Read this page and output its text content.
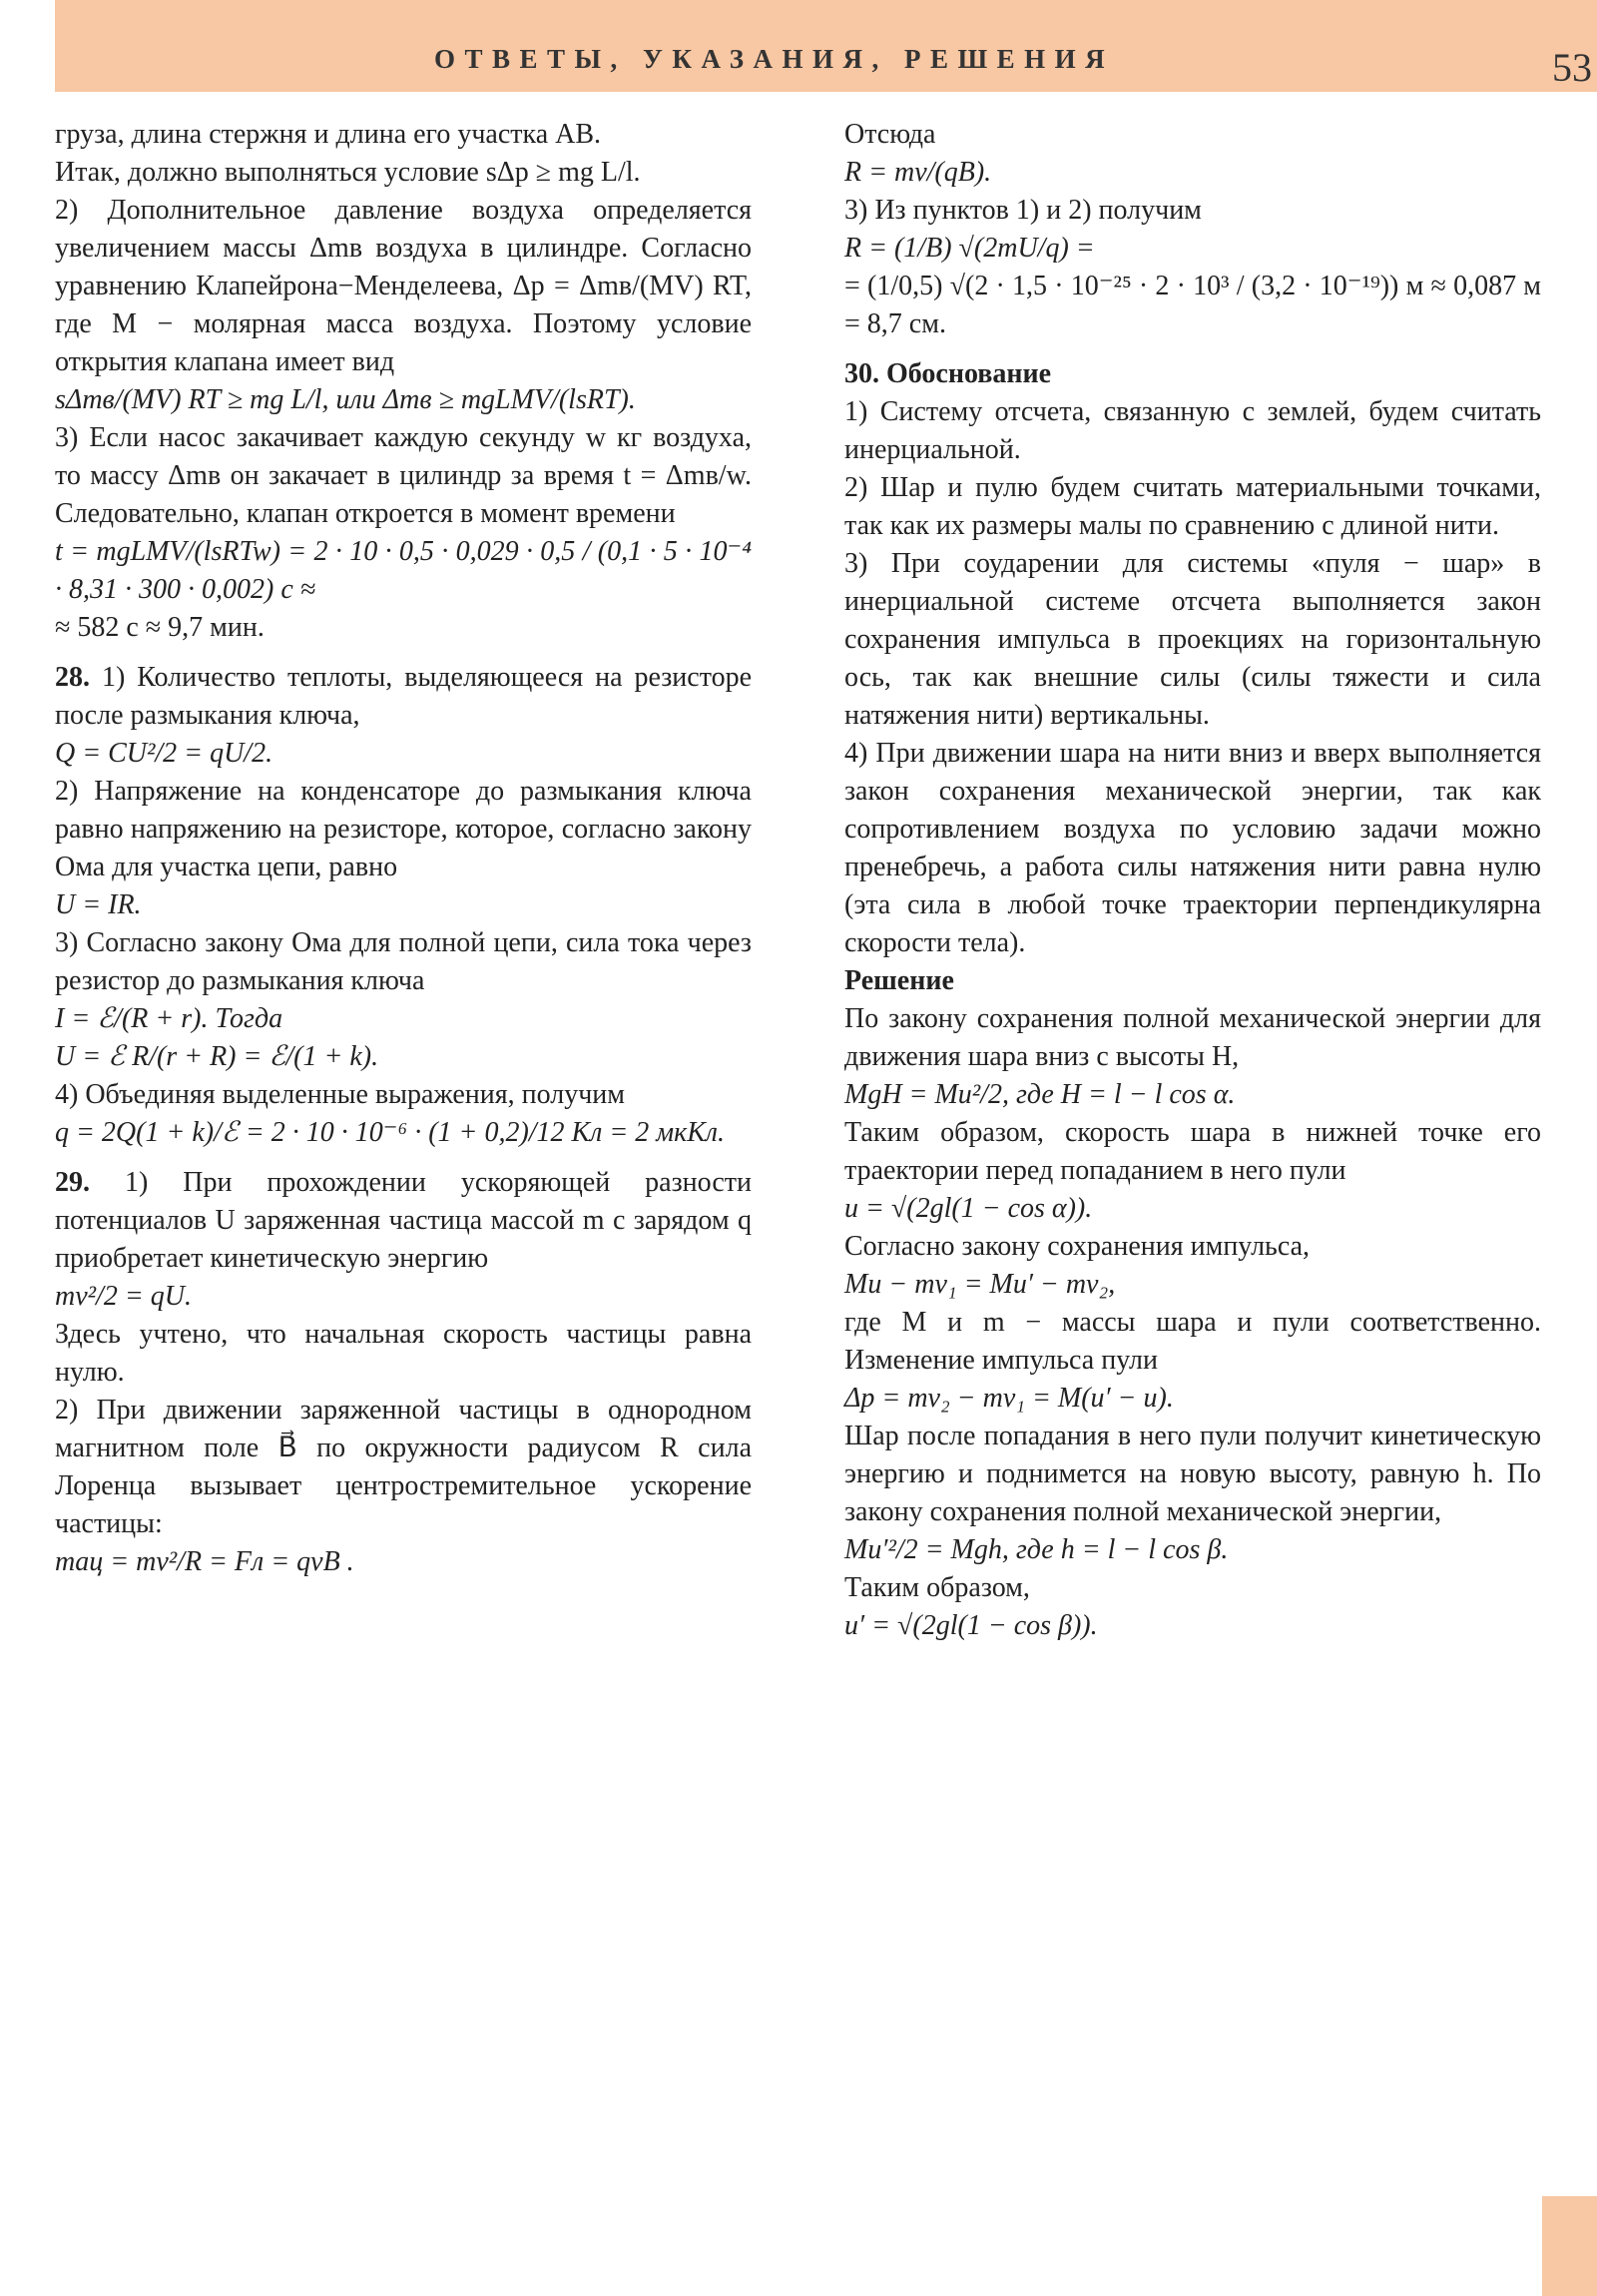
ОТВЕТЫ, УКАЗАНИЯ, РЕШЕНИЯ	53

груза, длина стержня и длина его участка AB.

Итак, должно выполняться условие sΔp ≥ mg L/l.

2) Дополнительное давление воздуха определяется увеличением массы Δmв воздуха в цилиндре. Согласно уравнению Клапейрона−Менделеева, Δp = Δmв/(MV) RT, где M − молярная масса воздуха. Поэтому условие открытия клапана имеет вид

sΔmв/(MV) RT ≥ mg L/l, или Δmв ≥ mgLMV/(lsRT).

3) Если насос закачивает каждую секунду w кг воздуха, то массу Δmв он закачает в цилиндр за время t = Δmв/w. Следовательно, клапан откроется в момент времени

t = mgLMV/(lsRTw) = 2 · 10 · 0,5 · 0,029 · 0,5 / (0,1 · 5 · 10⁻⁴ · 8,31 · 300 · 0,002) с ≈

≈ 582 с ≈ 9,7 мин.

28. 1) Количество теплоты, выделяющееся на резисторе после размыкания ключа,

Q = CU²/2 = qU/2.

2) Напряжение на конденсаторе до размыкания ключа равно напряжению на резисторе, которое, согласно закону Ома для участка цепи, равно

U = IR.

3) Согласно закону Ома для полной цепи, сила тока через резистор до размыкания ключа

I = ℰ/(R + r). Тогда

U = ℰ R/(r + R) = ℰ/(1 + k).

4) Объединяя выделенные выражения, получим

q = 2Q(1 + k)/ℰ = 2 · 10 · 10⁻⁶ · (1 + 0,2)/12 Кл = 2 мкКл.

29. 1) При прохождении ускоряющей разности потенциалов U заряженная частица массой m с зарядом q приобретает кинетическую энергию

mv²/2 = qU.

Здесь учтено, что начальная скорость частицы равна нулю.

2) При движении заряженной частицы в однородном магнитном поле B⃗ по окружности радиусом R сила Лоренца вызывает центростремительное ускорение частицы:

maц = mv²/R = Fл = qvB .

Отсюда

R = mv/(qB).

3) Из пунктов 1) и 2) получим

R = (1/B) √(2mU/q) =

= (1/0,5) √(2 · 1,5 · 10⁻²⁵ · 2 · 10³ / (3,2 · 10⁻¹⁹)) м ≈ 0,087 м = 8,7 см.

30. Обоснование

1) Систему отсчета, связанную с землей, будем считать инерциальной.

2) Шар и пулю будем считать материальными точками, так как их размеры малы по сравнению с длиной нити.

3) При соударении для системы «пуля − шар» в инерциальной системе отсчета выполняется закон сохранения импульса в проекциях на горизонтальную ось, так как внешние силы (силы тяжести и сила натяжения нити) вертикальны.

4) При движении шара на нити вниз и вверх выполняется закон сохранения механической энергии, так как сопротивлением воздуха по условию задачи можно пренебречь, а работа силы натяжения нити равна нулю (эта сила в любой точке траектории перпендикулярна скорости тела).

Решение

По закону сохранения полной механической энергии для движения шара вниз с высоты H,

MgH = Mu²/2, где H = l − l cos α.

Таким образом, скорость шара в нижней точке его траектории перед попаданием в него пули

u = √(2gl(1 − cos α)).

Согласно закону сохранения импульса,

Mu − mv₁ = Mu′ − mv₂,

где M и m − массы шара и пули соответственно. Изменение импульса пули

Δp = mv₂ − mv₁ = M(u′ − u).

Шар после попадания в него пули получит кинетическую энергию и поднимется на новую высоту, равную h. По закону сохранения полной механической энергии,

Mu′²/2 = Mgh, где h = l − l cos β.

Таким образом,

u′ = √(2gl(1 − cos β)).
